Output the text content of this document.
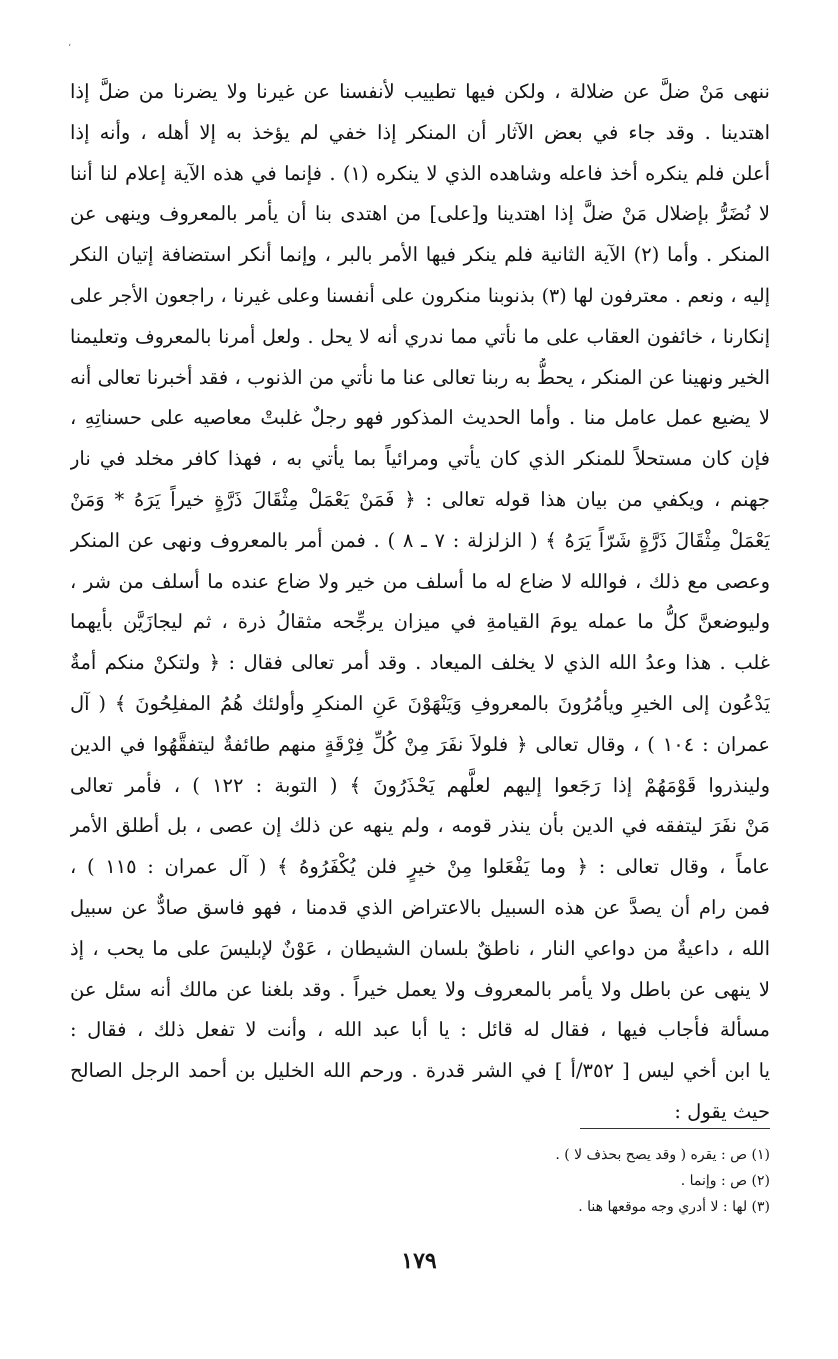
،
ننهى مَنْ ضلَّ عن ضلالة ، ولكن فيها تطييب لأنفسنا عن غيرنا ولا يضرنا من ضلَّ إذا
اهتدينا . وقد جاء في بعض الآثار أن المنكر إذا خفي لم يؤخذ به إلا أهله ، وأنه إذا
أعلن فلم ينكره أخذ فاعله وشاهده الذي لا ينكره (١) . فإنما في هذه الآية إعلام لنا أننا
لا نُضَرُّ بإضلال مَنْ ضلَّ إذا اهتدينا و[على] من اهتدى بنا أن يأمر بالمعروف وينهى عن
المنكر . وأما (٢) الآية الثانية فلم ينكر فيها الأمر بالبر ، وإنما أنكر استضافة إتيان النكر
إليه ، ونعم . معترفون لها (٣) بذنوبنا منكرون على أنفسنا وعلى غيرنا ، راجعون الأجر على
إنكارنا ، خائفون العقاب على ما نأتي مما ندري أنه لا يحل . ولعل أمرنا بالمعروف وتعليمنا
الخير ونهينا عن المنكر ، يحطُّ به ربنا تعالى عنا ما نأتي من الذنوب ، فقد أخبرنا تعالى أنه
لا يضيع عمل عامل منا . وأما الحديث المذكور فهو رجلٌ غلبتْ معاصيه على حسناتِهِ ،
فإن كان مستحلاً للمنكر الذي كان يأتي ومرائياً بما يأتي به ، فهذا كافر مخلد في نار
جهنم ، ويكفي من بيان هذا قوله تعالى : ﴿ فَمَنْ يَعْمَلْ مِثْقَالَ ذَرَّةٍ خيراً يَرَهُ * وَمَنْ
يَعْمَلْ مِثْقَالَ ذَرَّةٍ شَرّاً يَرَهُ ﴾ ( الزلزلة : ٧ ـ ٨ ) . فمن أمر بالمعروف ونهى عن المنكر
وعصى مع ذلك ، فوالله لا ضاع له ما أسلف من خير ولا ضاع عنده ما أسلف من شر ،
وليوضعنَّ كلُّ ما عمله يومَ القيامةِ في ميزان يرجِّحه مثقالُ ذرة ، ثم ليجازَيَّن بأيهما
غلب . هذا وعدُ الله الذي لا يخلف الميعاد . وقد أمر تعالى فقال : ﴿ ولتكنْ منكم أمةٌ
يَدْعُون إلى الخيرِ ويأمُرُونَ بالمعروفِ وَيَنْهَوْنَ عَنِ المنكرِ وأولئك هُمُ المفلِحُونَ ﴾ ( آل
عمران : ١٠٤ ) ، وقال تعالى ﴿ فلولاَ نفَرَ مِنْ كُلِّ فِرْقَةٍ منهم طائفةٌ ليتفقَّهُوا في الدين
ولينذروا قَوْمَهُمْ إذا رَجَعوا إليهم لعلَّهم يَحْذَرُونَ ﴾ ( التوبة : ١٢٢ ) ، فأمر تعالى
مَنْ نفَرَ ليتفقه في الدين بأن ينذر قومه ، ولم ينهه عن ذلك إن عصى ، بل أطلق الأمر
عاماً ، وقال تعالى : ﴿ وما يَفْعَلوا مِنْ خيرٍ فلن يُكْفَرُوهُ ﴾ ( آل عمران : ١١٥ ) ،
فمن رام أن يصدَّ عن هذه السبيل بالاعتراض الذي قدمنا ، فهو فاسق صادٌّ عن سبيل
الله ، داعيةٌ من دواعي النار ، ناطقٌ بلسان الشيطان ، عَوْنٌ لإبليسَ على ما يحب ، إذ
لا ينهى عن باطل ولا يأمر بالمعروف ولا يعمل خيراً . وقد بلغنا عن مالك أنه سئل عن
مسألة فأجاب فيها ، فقال له قائل : يا أبا عبد الله ، وأنت لا تفعل ذلك ، فقال :
يا ابن أخي ليس [ ٣٥٢/أ ] في الشر قدرة . ورحم الله الخليل بن أحمد الرجل الصالح
حيث يقول :
(١) ص : يقره ( وقد يصح بحذف لا ) .
(٢) ص : وإنما .
(٣) لها : لا أدري وجه موقعها هنا .
١٧٩
